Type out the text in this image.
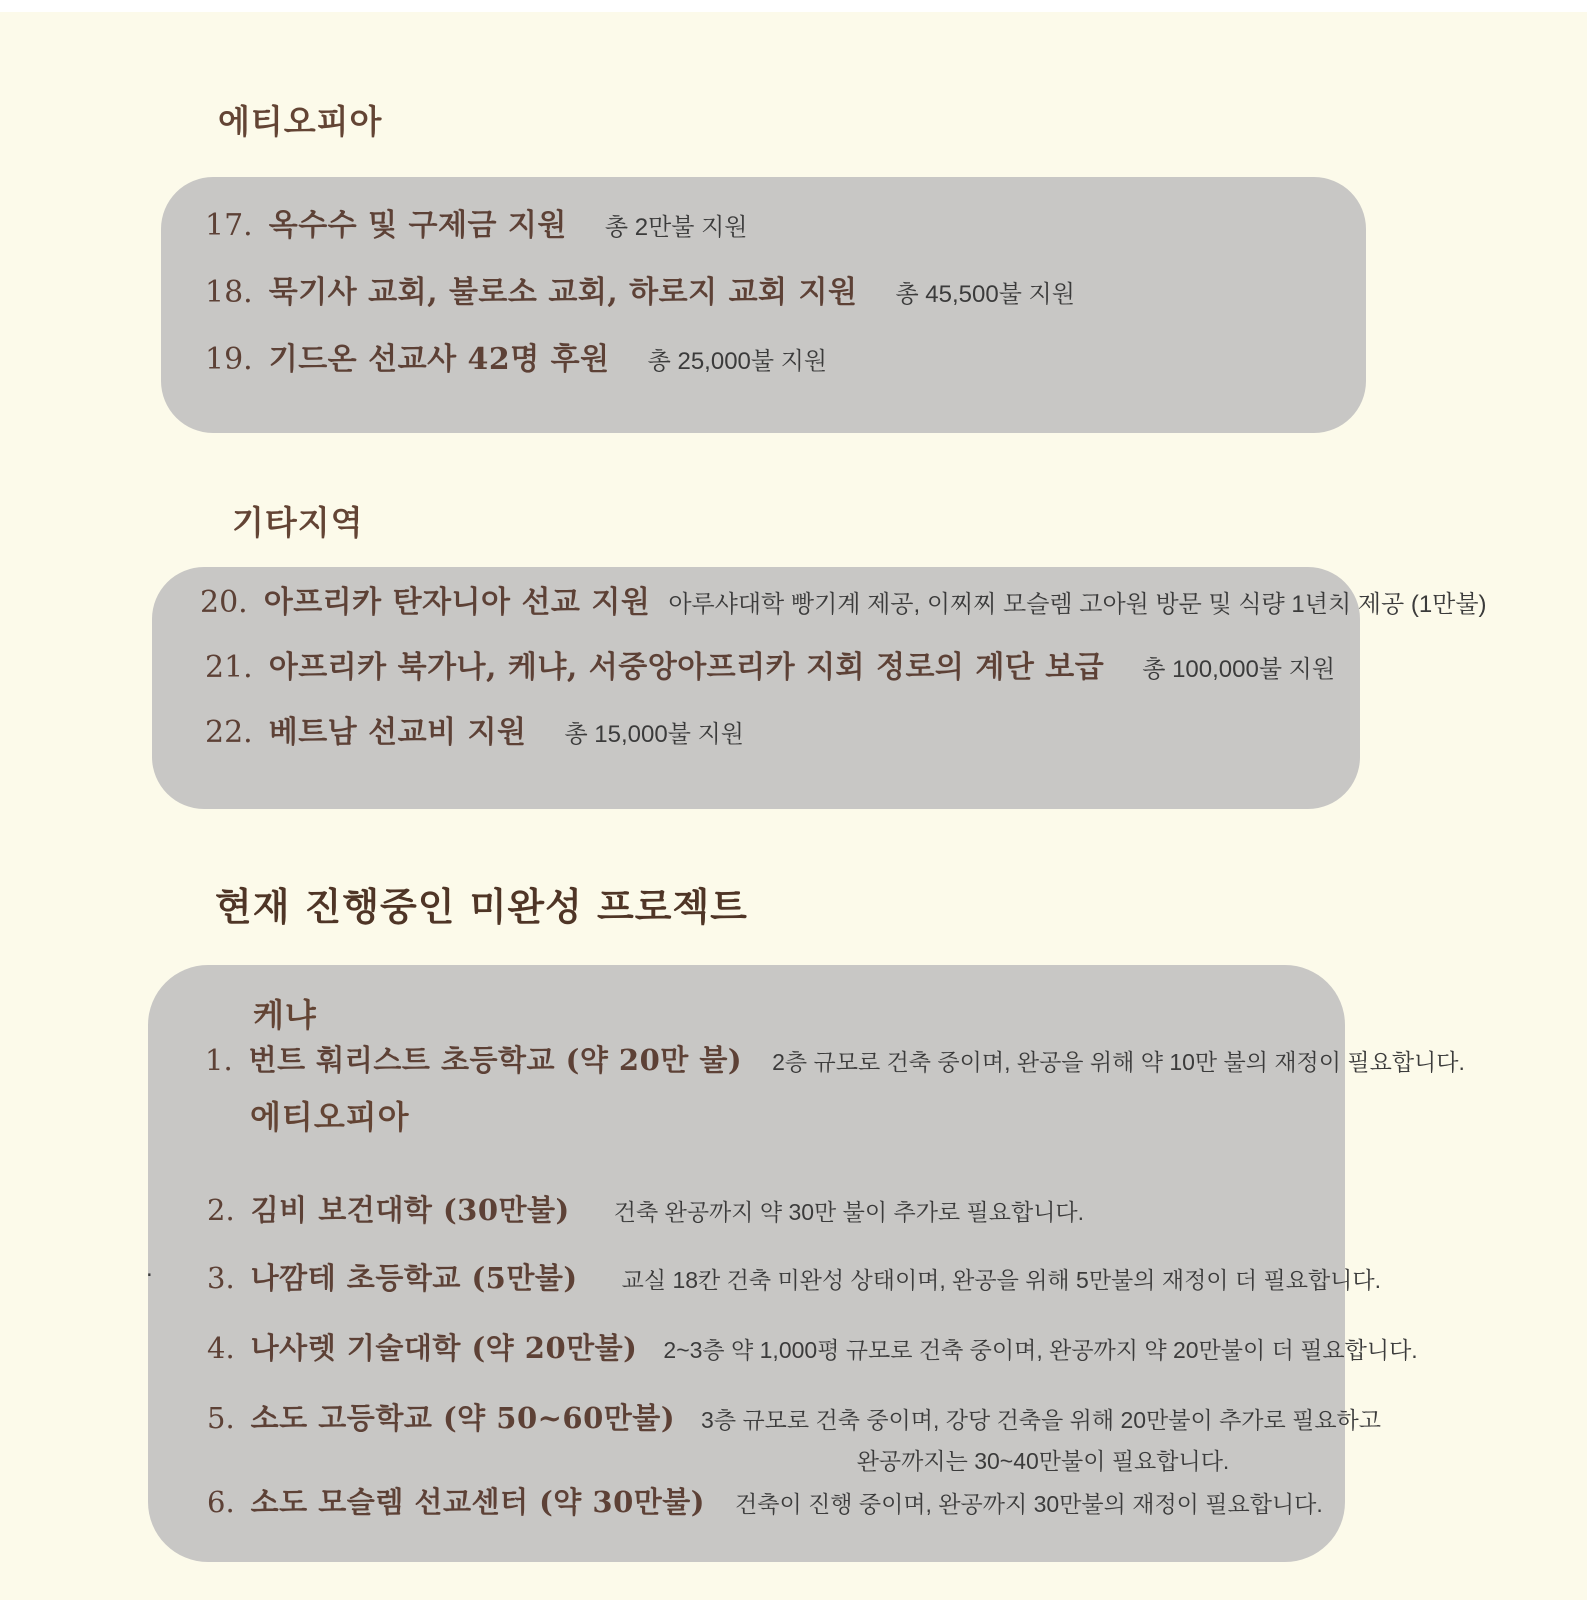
에티오피아
17. 옥수수 및 구제금 지원 총 2만불 지원
18. 묵기사 교회, 불로소 교회, 하로지 교회 지원 총 45,500불 지원
19. 기드온 선교사 42명 후원 총 25,000불 지원
기타지역
20. 아프리카 탄자니아 선교 지원 아루샤대학 빵기계 제공, 이찌찌 모슬렘 고아원 방문 및 식량 1년치 제공 (1만불)
21. 아프리카 북가나, 케냐, 서중앙아프리카 지회 정로의 계단 보급 총 100,000불 지원
22. 베트남 선교비 지원 총 15,000불 지원
현재 진행중인 미완성 프로젝트
케냐
1. 번트 훠리스트 초등학교 (약 20만 불) 2층 규모로 건축 중이며, 완공을 위해 약 10만 불의 재정이 필요합니다.
에티오피아
2. 김비 보건대학 (30만불) 건축 완공까지 약 30만 불이 추가로 필요합니다.
. 3. 나깜테 초등학교 (5만불) 교실 18칸 건축 미완성 상태이며, 완공을 위해 5만불의 재정이 더 필요합니다.
4. 나사렛 기술대학 (약 20만불) 2~3층 약 1,000평 규모로 건축 중이며, 완공까지 약 20만불이 더 필요합니다.
5. 소도 고등학교 (약 50~60만불) 3층 규모로 건축 중이며, 강당 건축을 위해 20만불이 추가로 필요하고
완공까지는 30~40만불이 필요합니다.
6. 소도 모슬렘 선교센터 (약 30만불) 건축이 진행 중이며, 완공까지 30만불의 재정이 필요합니다.
